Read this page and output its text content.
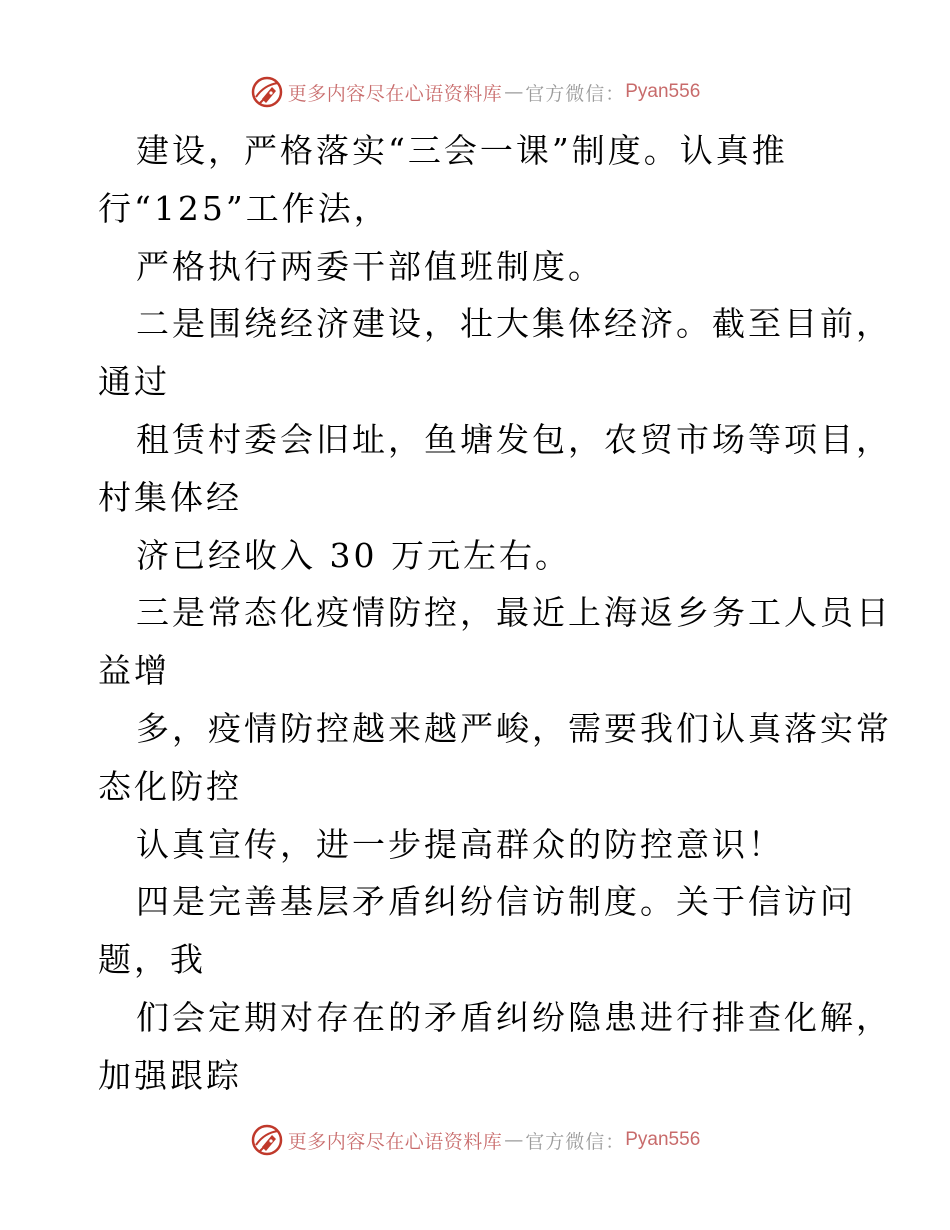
更多内容尽在心语资料库 — 官方微信： Pyan556
建设，严格落实“三会一课”制度。认真推
行“125”工作法，
严格执行两委干部值班制度。
二是围绕经济建设，壮大集体经济。截至目前，
通过
租赁村委会旧址，鱼塘发包，农贸市场等项目，
村集体经
济已经收入 30 万元左右。
三是常态化疫情防控，最近上海返乡务工人员日
益增
多，疫情防控越来越严峻，需要我们认真落实常
态化防控
认真宣传，进一步提高群众的防控意识！
四是完善基层矛盾纠纷信访制度。关于信访问
题，我
们会定期对存在的矛盾纠纷隐患进行排查化解，
加强跟踪
更多内容尽在心语资料库 — 官方微信： Pyan556
